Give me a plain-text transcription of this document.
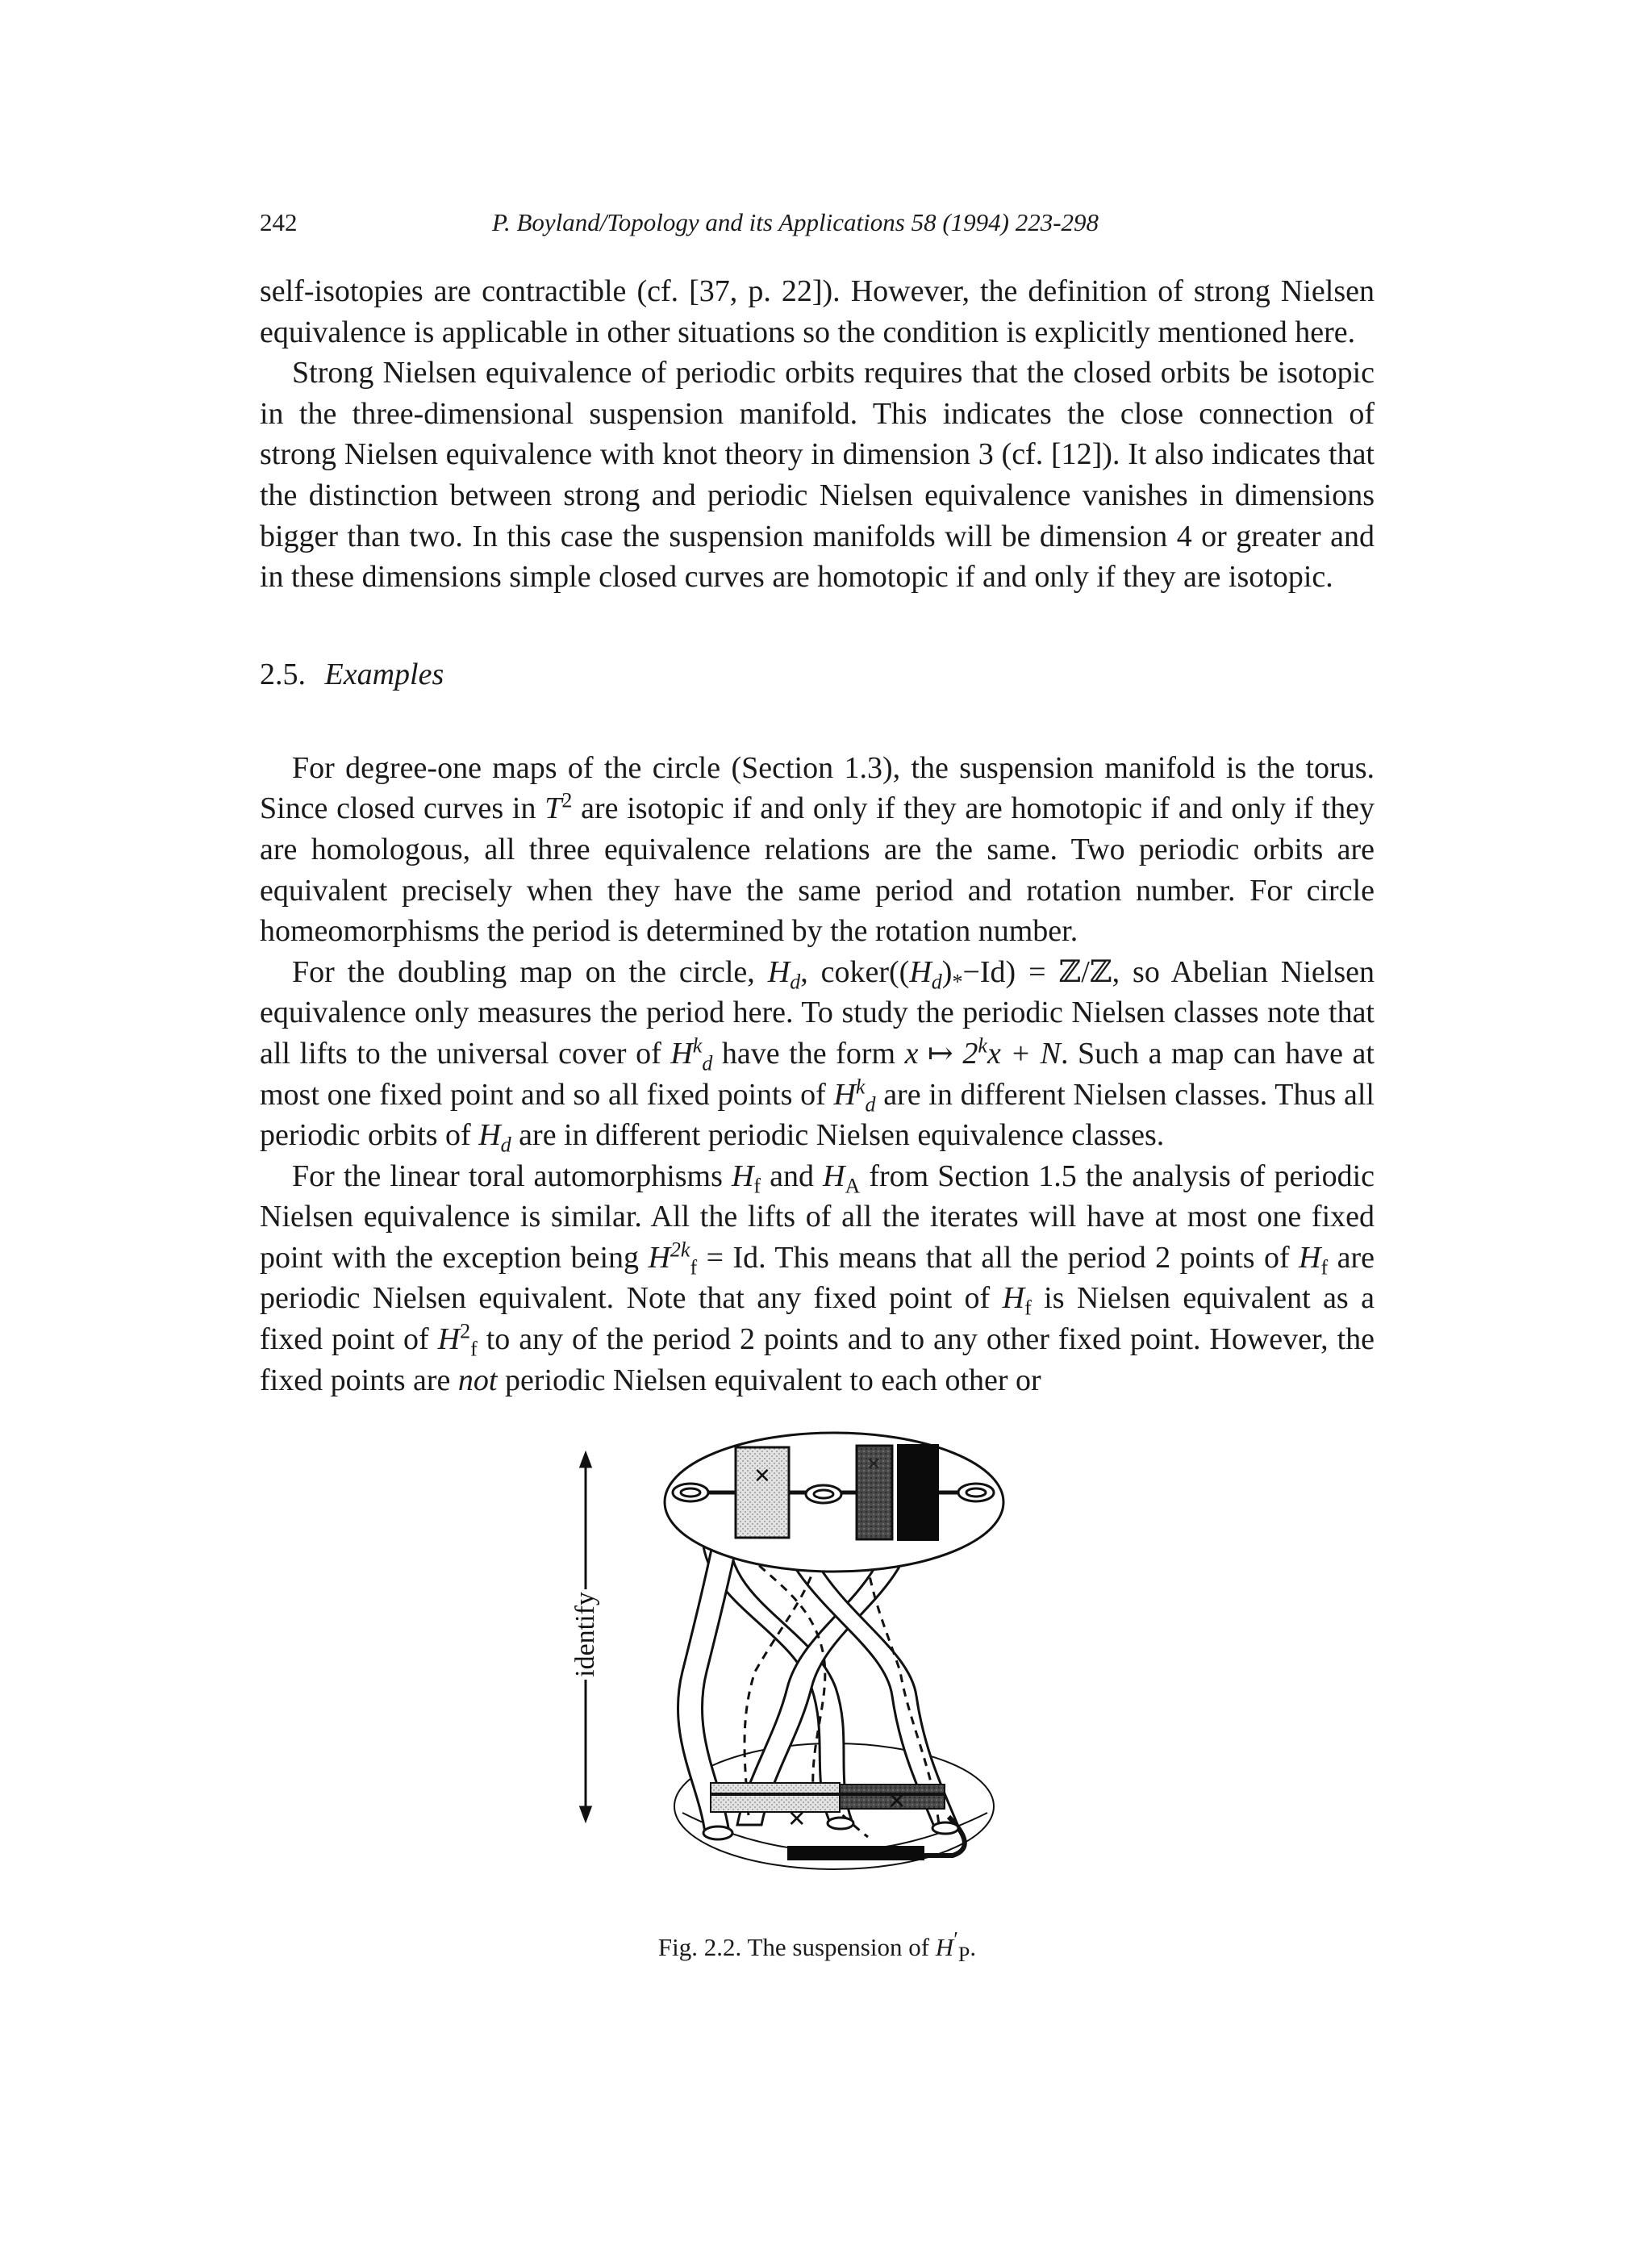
242	P. Boyland/Topology and its Applications 58 (1994) 223-298

self-isotopies are contractible (cf. [37, p. 22]). However, the definition of strong Nielsen equivalence is applicable in other situations so the condition is explicitly mentioned here.

Strong Nielsen equivalence of periodic orbits requires that the closed orbits be isotopic in the three-dimensional suspension manifold. This indicates the close connection of strong Nielsen equivalence with knot theory in dimension 3 (cf. [12]). It also indicates that the distinction between strong and periodic Nielsen equivalence vanishes in dimensions bigger than two. In this case the suspension manifolds will be dimension 4 or greater and in these dimensions simple closed curves are homotopic if and only if they are isotopic.

2.5. Examples

For degree-one maps of the circle (Section 1.3), the suspension manifold is the torus. Since closed curves in $T^2$ are isotopic if and only if they are homotopic if and only if they are homologous, all three equivalence relations are the same. Two periodic orbits are equivalent precisely when they have the same period and rotation number. For circle homeomorphisms the period is determined by the rotation number.

For the doubling map on the circle, $H_d$, $coker((H_d)_*-Id)$ = ℤ/ℤ, so Abelian Nielsen equivalence only measures the period here. To study the periodic Nielsen classes note that all lifts to the universal cover of $H^k_d$ have the form x ↦ $2^kx + N$. Such a map can have at most one fixed point and so all fixed points of $H^k_d$ are in different Nielsen classes. Thus all periodic orbits of $H_d$ are in different periodic Nielsen equivalence classes.

For the linear toral automorphisms $H_f$ and $H_A$ from Section 1.5 the analysis of periodic Nielsen equivalence is similar. All the lifts of all the iterates will have at most one fixed point with the exception being $H^{2k}_f = Id$. This means that all the period 2 points of $H_f$ are periodic Nielsen equivalent. Note that any fixed point of $H_f$ is Nielsen equivalent as a fixed point of $H^2_f$ to any of the period 2 points and to any other fixed point. However, the fixed points are not periodic Nielsen equivalent to each other or

identify
✕
✕
✕	✕
Fig. 2.2. The suspension of $H'_P$.
